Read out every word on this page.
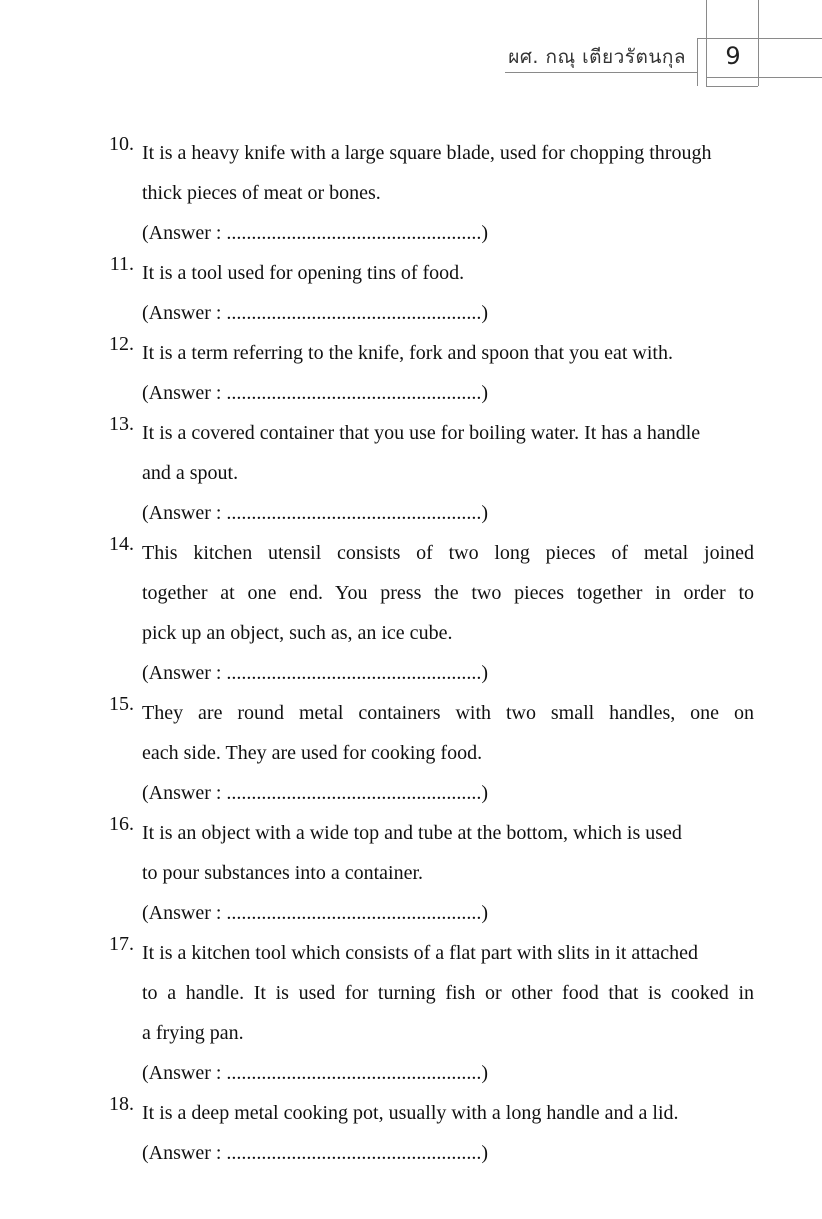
ผศ. กณุ เตียวรัตนกุล	9
10. It is a heavy knife with a large square blade, used for chopping through
thick pieces of meat or bones.
(Answer : ...................................................)
11. It is a tool used for opening tins of food.
(Answer : ...................................................)
12. It is a term referring to the knife, fork and spoon that you eat with.
(Answer : ...................................................)
13. It is a covered container that you use for boiling water. It has a handle
and a spout.
(Answer : ...................................................)
14. This kitchen utensil consists of two long pieces of metal joined
together at one end. You press the two pieces together in order to
pick up an object, such as, an ice cube.
(Answer : ...................................................)
15. They are round metal containers with two small handles, one on
each side. They are used for cooking food.
(Answer : ...................................................)
16. It is an object with a wide top and tube at the bottom, which is used
to pour substances into a container.
(Answer : ...................................................)
17. It is a kitchen tool which consists of a flat part with slits in it attached
to a handle. It is used for turning fish or other food that is cooked in
a frying pan.
(Answer : ...................................................)
18. It is a deep metal cooking pot, usually with a long handle and a lid.
(Answer : ...................................................)
